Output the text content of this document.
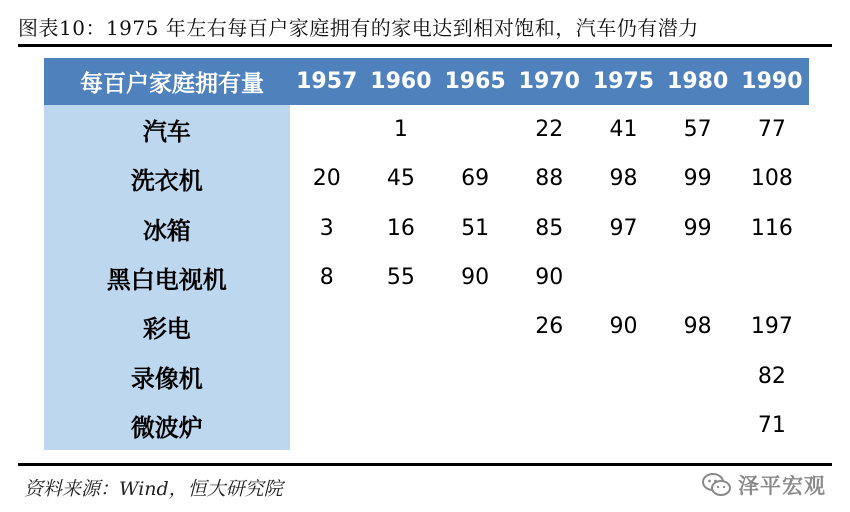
图表10：1975 年左右每百户家庭拥有的家电达到相对饱和，汽车仍有潜力
每百户家庭拥有量	1957	1960	1965	1970	1975	1980	1990
汽车		1		22	41	57	77
洗衣机	20	45	69	88	98	99	108
冰箱	3	16	51	85	97	99	116
黑白电视机	8	55	90	90			
彩电				26	90	98	197
录像机							82
微波炉							71
资料来源：Wind，恒大研究院	泽平宏观
